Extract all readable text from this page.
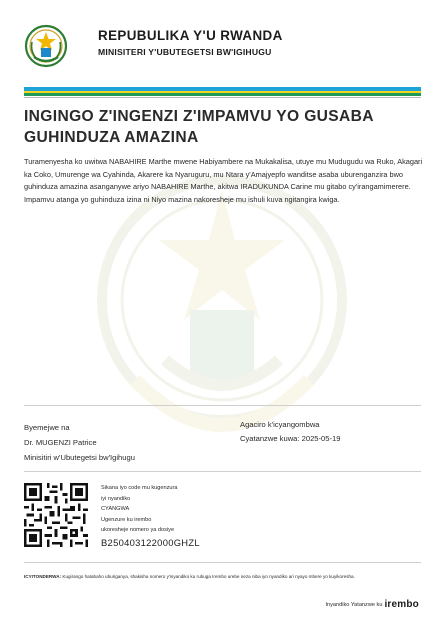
REPUBULIKA Y'U RWANDA
MINISITERI Y'UBUTEGETSI BW'IGIHUGU
INGINGO Z'INGENZI Z'IMPAMVU YO GUSABA GUHINDUZA AMAZINA
Turamenyesha ko uwitwa NABAHIRE Marthe mwene Habiyambere na Mukakalisa, utuye mu Mudugudu wa Ruko, Akagari ka Coko, Umurenge wa Cyahinda, Akarere ka Nyaruguru, mu Ntara y'Amajyepfo wanditse asaba uburenganzira bwo guhinduza amazina asanganywe ariyo NABAHIRE Marthe, akitwa IRADUKUNDA Carine mu gitabo cy'irangamimerere. Impamvu atanga yo guhinduza izina ni Niyo mazina nakoresheje mu ishuli kuva ngitangira kwiga.
Byemejwe na
Dr. MUGENZI Patrice
Minisitiri w'Ubutegetsi bw'Igihugu
Agaciro k'icyangombwa
Cyatanzwe kuwa: 2025-05-19
Sikana iyo code mu kugenzura
iyi nyandiko
CYANGWA
Ugenzure ku irembo
ukoresheje nomero ya dosiye
B250403122000GHZL
ICYITONDERWA: Kugirango hatabaho uburiganya, shakisha nomero y'inyandiko ku rubuga Irembo urebe neza niba iyo nyandiko ari nyayo mbere yo kuyikoresha.
Inyandiko Yatanzwe ku irembo
